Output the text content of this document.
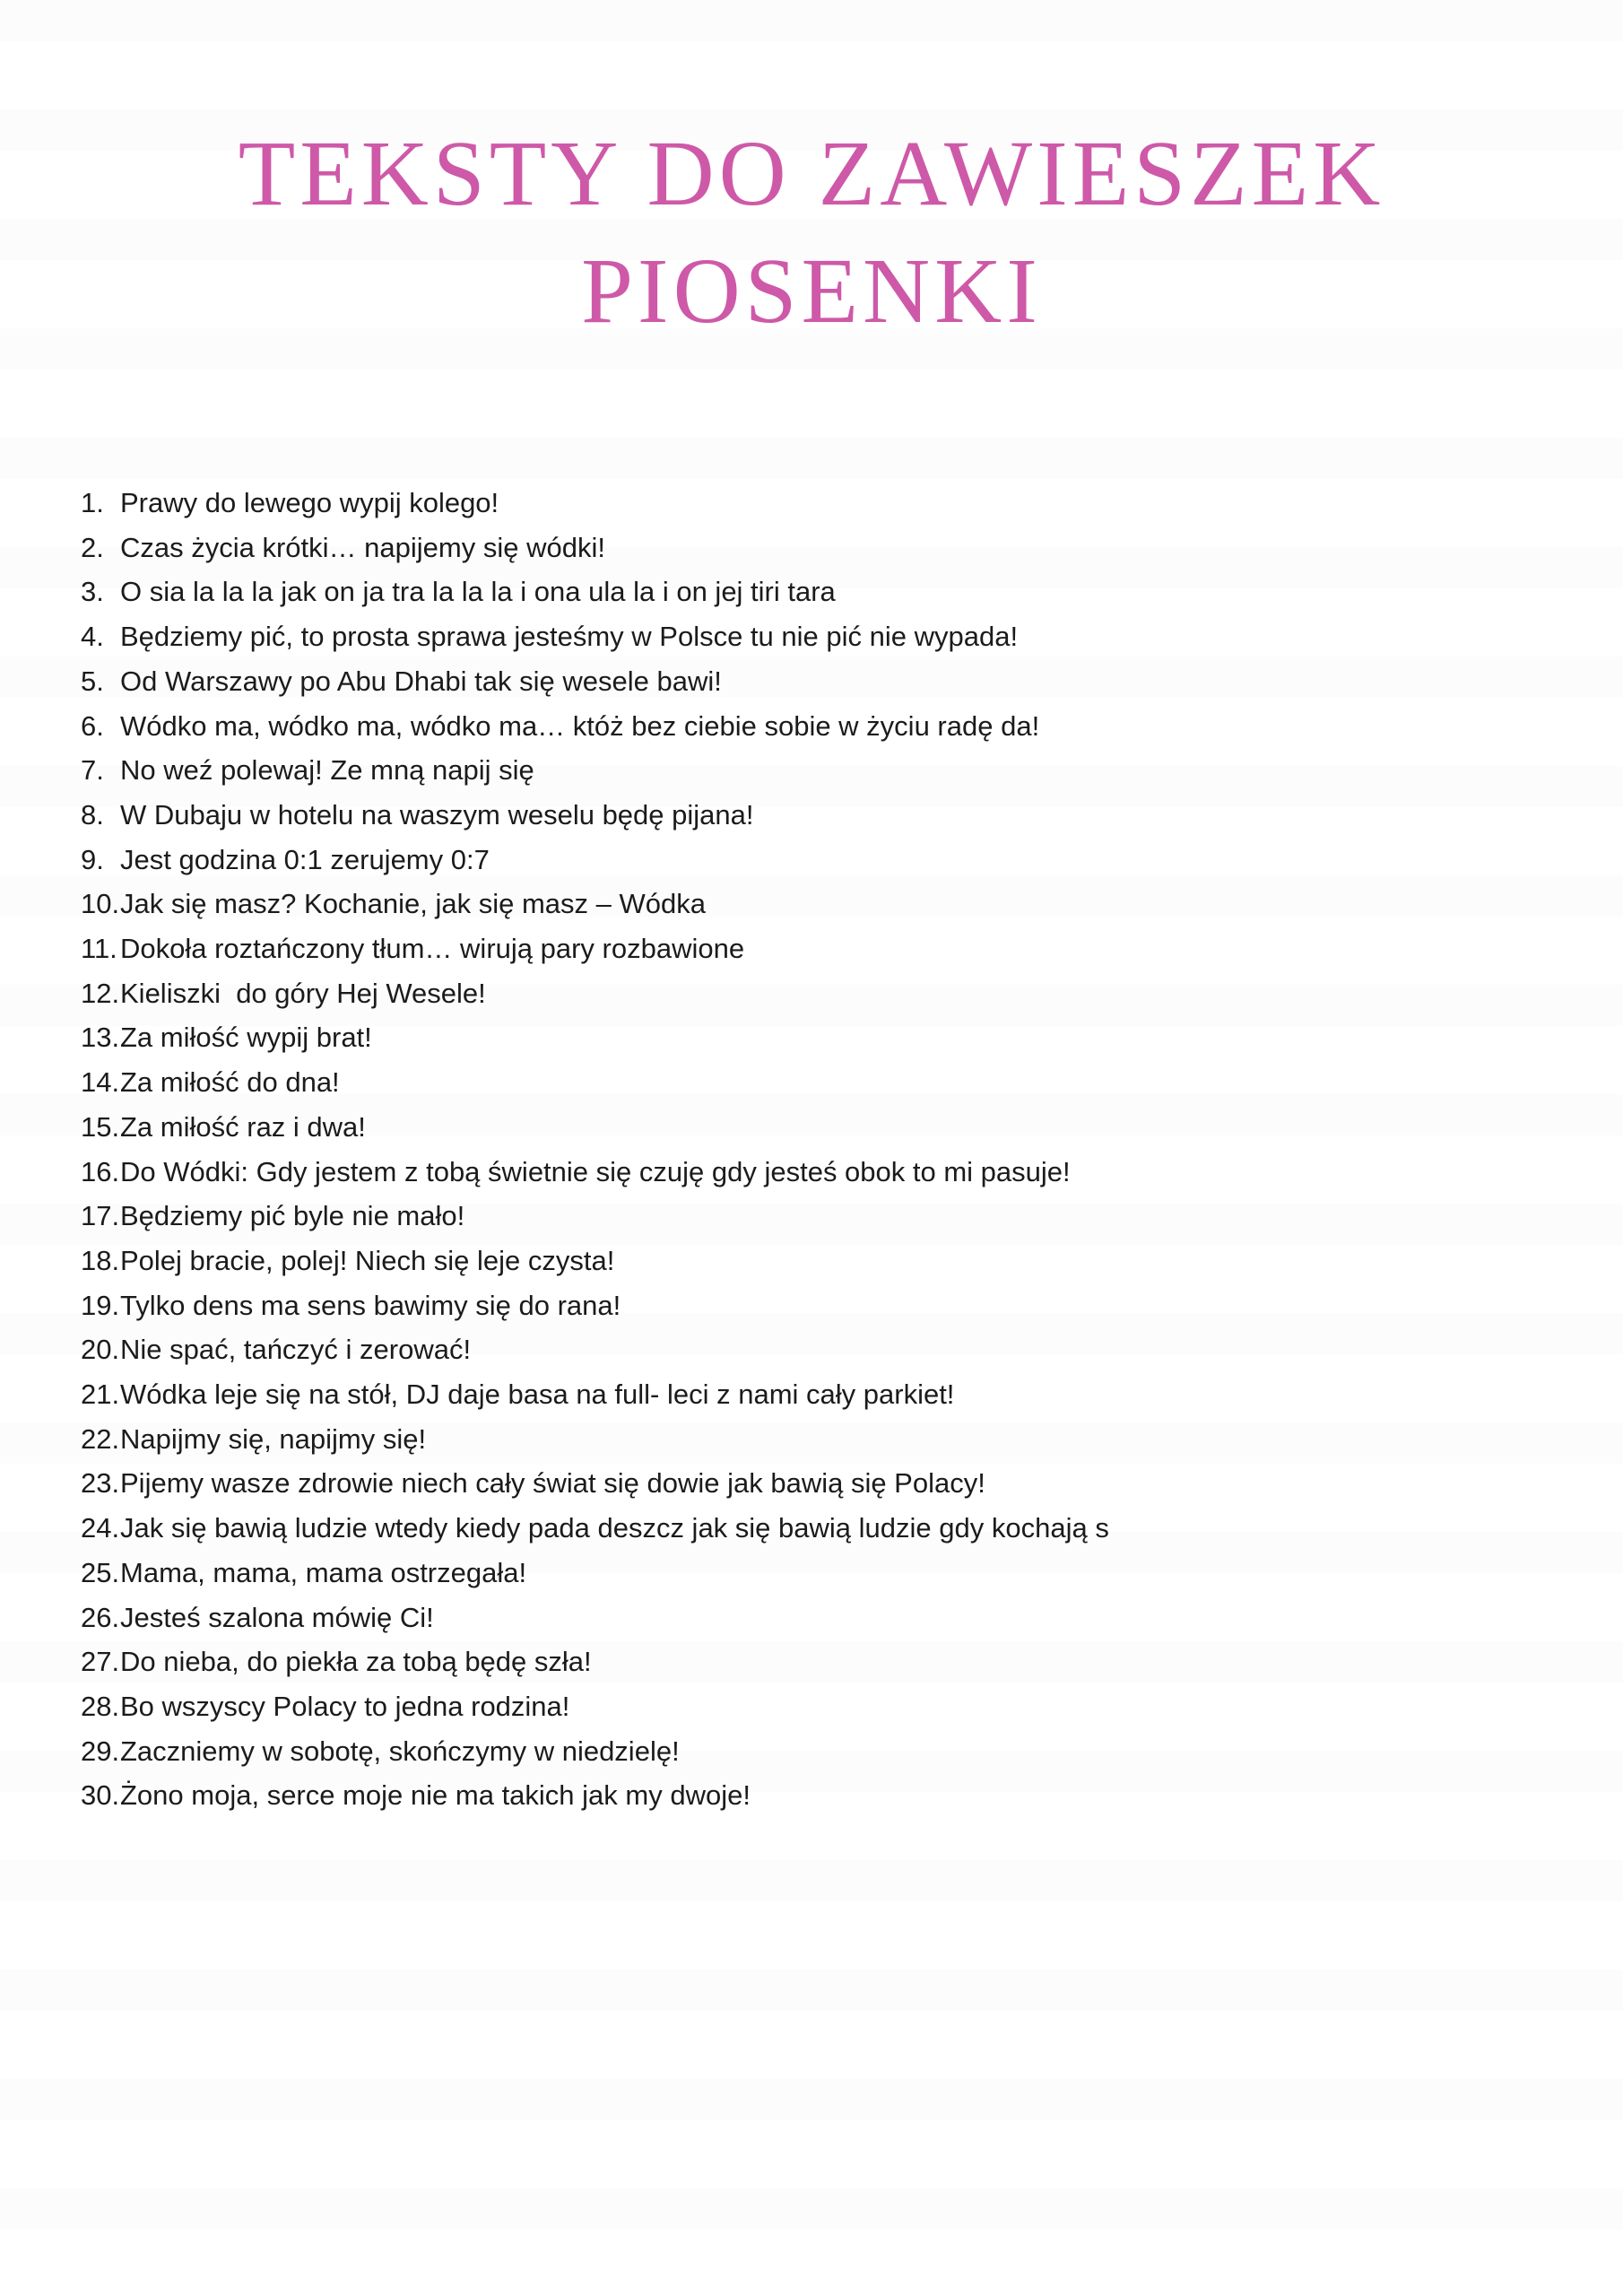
TEKSTY DO ZAWIESZEK
PIOSENKI
1. Prawy do lewego wypij kolego!
2. Czas życia krótki… napijemy się wódki!
3. O sia la la la jak on ja tra la la la i ona ula la i on jej tiri tara
4. Będziemy pić, to prosta sprawa jesteśmy w Polsce tu nie pić nie wypada!
5. Od Warszawy po Abu Dhabi tak się wesele bawi!
6. Wódko ma, wódko ma, wódko ma… któż bez ciebie sobie w życiu radę da!
7. No weź polewaj! Ze mną napij się
8. W Dubaju w hotelu na waszym weselu będę pijana!
9. Jest godzina 0:1 zerujemy 0:7
10. Jak się masz? Kochanie, jak się masz – Wódka
11. Dokoła roztańczony tłum… wirują pary rozbawione
12. Kieliszki  do góry Hej Wesele!
13. Za miłość wypij brat!
14. Za miłość do dna!
15. Za miłość raz i dwa!
16. Do Wódki: Gdy jestem z tobą świetnie się czuję gdy jesteś obok to mi pasuje!
17. Będziemy pić byle nie mało!
18. Polej bracie, polej! Niech się leje czysta!
19. Tylko dens ma sens bawimy się do rana!
20. Nie spać, tańczyć i zerować!
21. Wódka leje się na stół, DJ daje basa na full- leci z nami cały parkiet!
22. Napijmy się, napijmy się!
23. Pijemy wasze zdrowie niech cały świat się dowie jak bawią się Polacy!
24. Jak się bawią ludzie wtedy kiedy pada deszcz jak się bawią ludzie gdy kochają s
25. Mama, mama, mama ostrzegała!
26. Jesteś szalona mówię Ci!
27. Do nieba, do piekła za tobą będę szła!
28. Bo wszyscy Polacy to jedna rodzina!
29. Zaczniemy w sobotę, skończymy w niedzielę!
30. Żono moja, serce moje nie ma takich jak my dwoje!
